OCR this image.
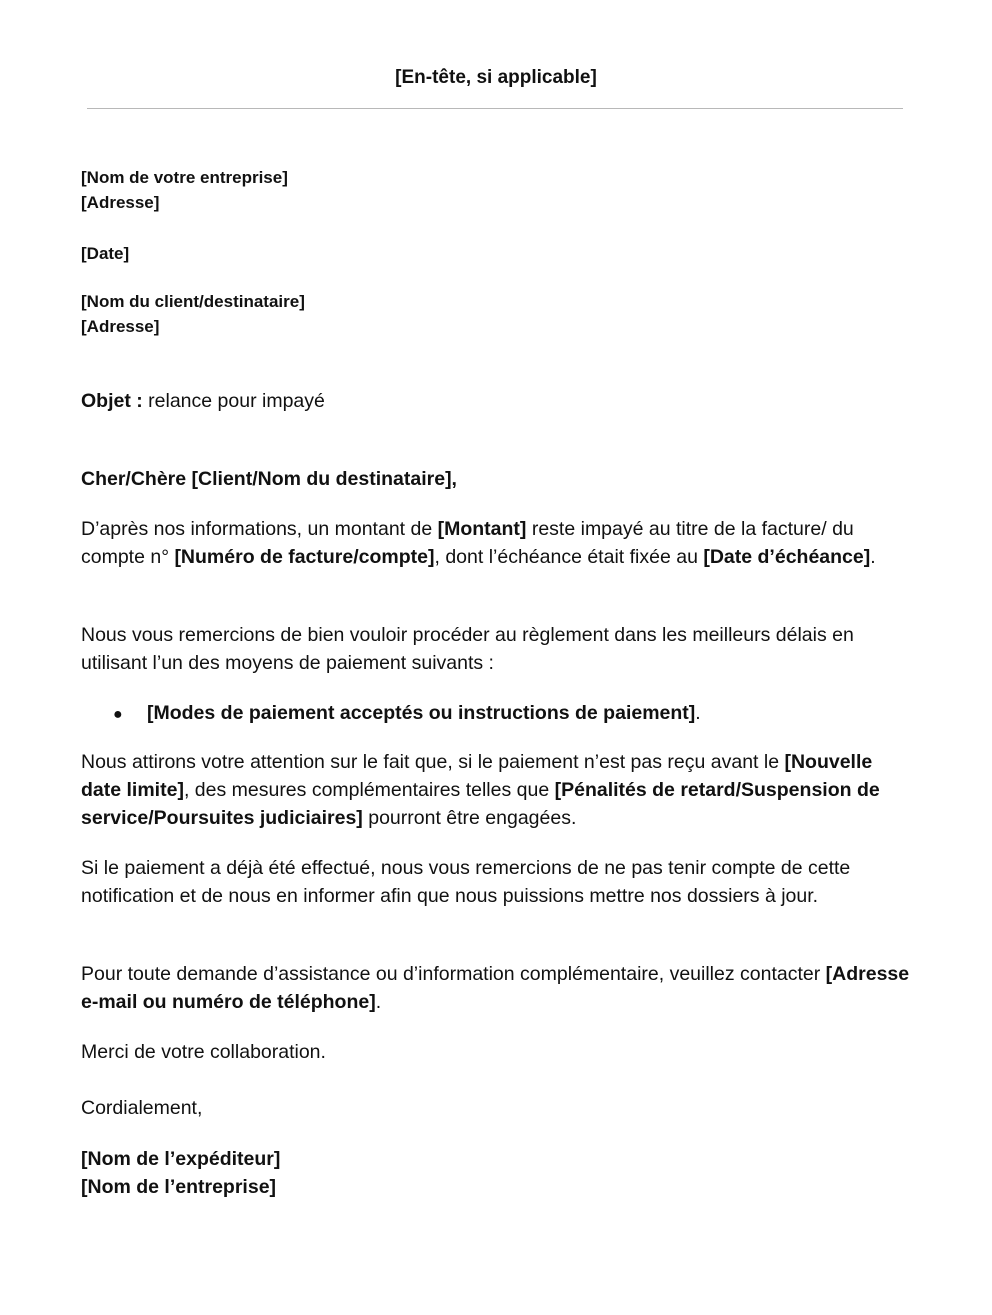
[En-tête, si applicable]
[Nom de votre entreprise]
[Adresse]
[Date]
[Nom du client/destinataire]
[Adresse]
Objet : relance pour impayé
Cher/Chère [Client/Nom du destinataire],

D’après nos informations, un montant de [Montant] reste impayé au titre de la facture/ du compte n° [Numéro de facture/compte], dont l’échéance était fixée au [Date d’échéance].

Nous vous remercions de bien vouloir procéder au règlement dans les meilleurs délais en utilisant l’un des moyens de paiement suivants :

● [Modes de paiement acceptés ou instructions de paiement].

Nous attirons votre attention sur le fait que, si le paiement n’est pas reçu avant le [Nouvelle date limite], des mesures complémentaires telles que [Pénalités de retard/Suspension de service/Poursuites judiciaires] pourront être engagées.

Si le paiement a déjà été effectué, nous vous remercions de ne pas tenir compte de cette notification et de nous en informer afin que nous puissions mettre nos dossiers à jour.

Pour toute demande d’assistance ou d’information complémentaire, veuillez contacter [Adresse e-mail ou numéro de téléphone].

Merci de votre collaboration.
Cordialement,
[Nom de l’expéditeur]
[Nom de l’entreprise]
